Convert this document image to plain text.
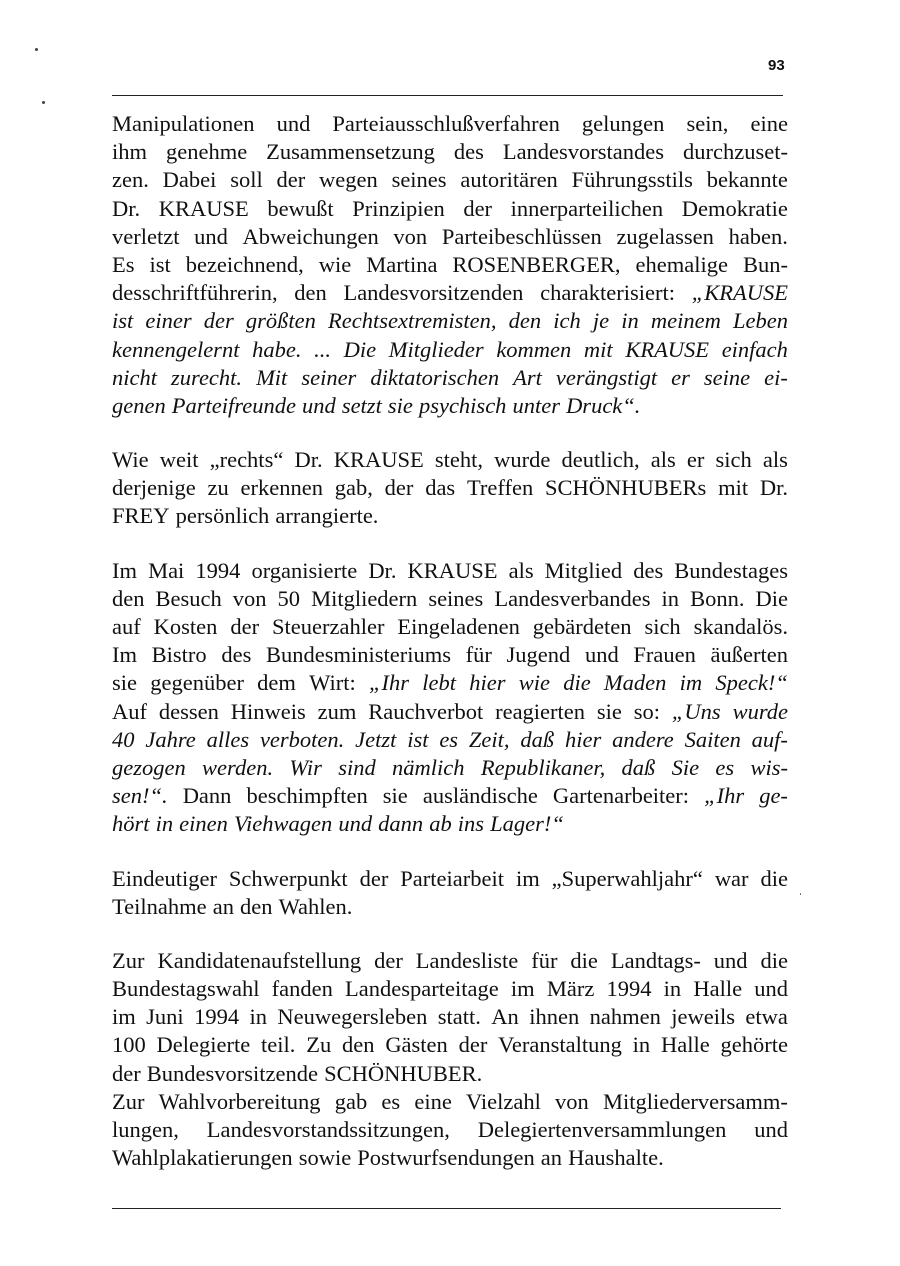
93
Manipulationen und Parteiausschlußverfahren gelungen sein, eine
ihm genehme Zusammensetzung des Landesvorstandes durchzuset-
zen. Dabei soll der wegen seines autoritären Führungsstils bekannte
Dr. KRAUSE bewußt Prinzipien der innerparteilichen Demokratie
verletzt und Abweichungen von Parteibeschlüssen zugelassen haben.
Es ist bezeichnend, wie Martina ROSENBERGER, ehemalige Bun-
desschriftführerin, den Landesvorsitzenden charakterisiert: „KRAUSE
ist einer der größten Rechtsextremisten, den ich je in meinem Leben
kennengelernt habe. ... Die Mitglieder kommen mit KRAUSE einfach
nicht zurecht. Mit seiner diktatorischen Art verängstigt er seine ei-
genen Parteifreunde und setzt sie psychisch unter Druck“.
Wie weit „rechts“ Dr. KRAUSE steht, wurde deutlich, als er sich als
derjenige zu erkennen gab, der das Treffen SCHÖNHUBERs mit Dr.
FREY persönlich arrangierte.
Im Mai 1994 organisierte Dr. KRAUSE als Mitglied des Bundestages
den Besuch von 50 Mitgliedern seines Landesverbandes in Bonn. Die
auf Kosten der Steuerzahler Eingeladenen gebärdeten sich skandalös.
Im Bistro des Bundesministeriums für Jugend und Frauen äußerten
sie gegenüber dem Wirt: „Ihr lebt hier wie die Maden im Speck!“
Auf dessen Hinweis zum Rauchverbot reagierten sie so: „Uns wurde
40 Jahre alles verboten. Jetzt ist es Zeit, daß hier andere Saiten auf-
gezogen werden. Wir sind nämlich Republikaner, daß Sie es wis-
sen!“. Dann beschimpften sie ausländische Gartenarbeiter: „Ihr ge-
hört in einen Viehwagen und dann ab ins Lager!“
Eindeutiger Schwerpunkt der Parteiarbeit im „Superwahljahr“ war die
Teilnahme an den Wahlen.
Zur Kandidatenaufstellung der Landesliste für die Landtags- und die
Bundestagswahl fanden Landesparteitage im März 1994 in Halle und
im Juni 1994 in Neuwegersleben statt. An ihnen nahmen jeweils etwa
100 Delegierte teil. Zu den Gästen der Veranstaltung in Halle gehörte
der Bundesvorsitzende SCHÖNHUBER.
Zur Wahlvorbereitung gab es eine Vielzahl von Mitgliederversamm-
lungen, Landesvorstandssitzungen, Delegiertenversammlungen und
Wahlplakatierungen sowie Postwurfsendungen an Haushalte.
